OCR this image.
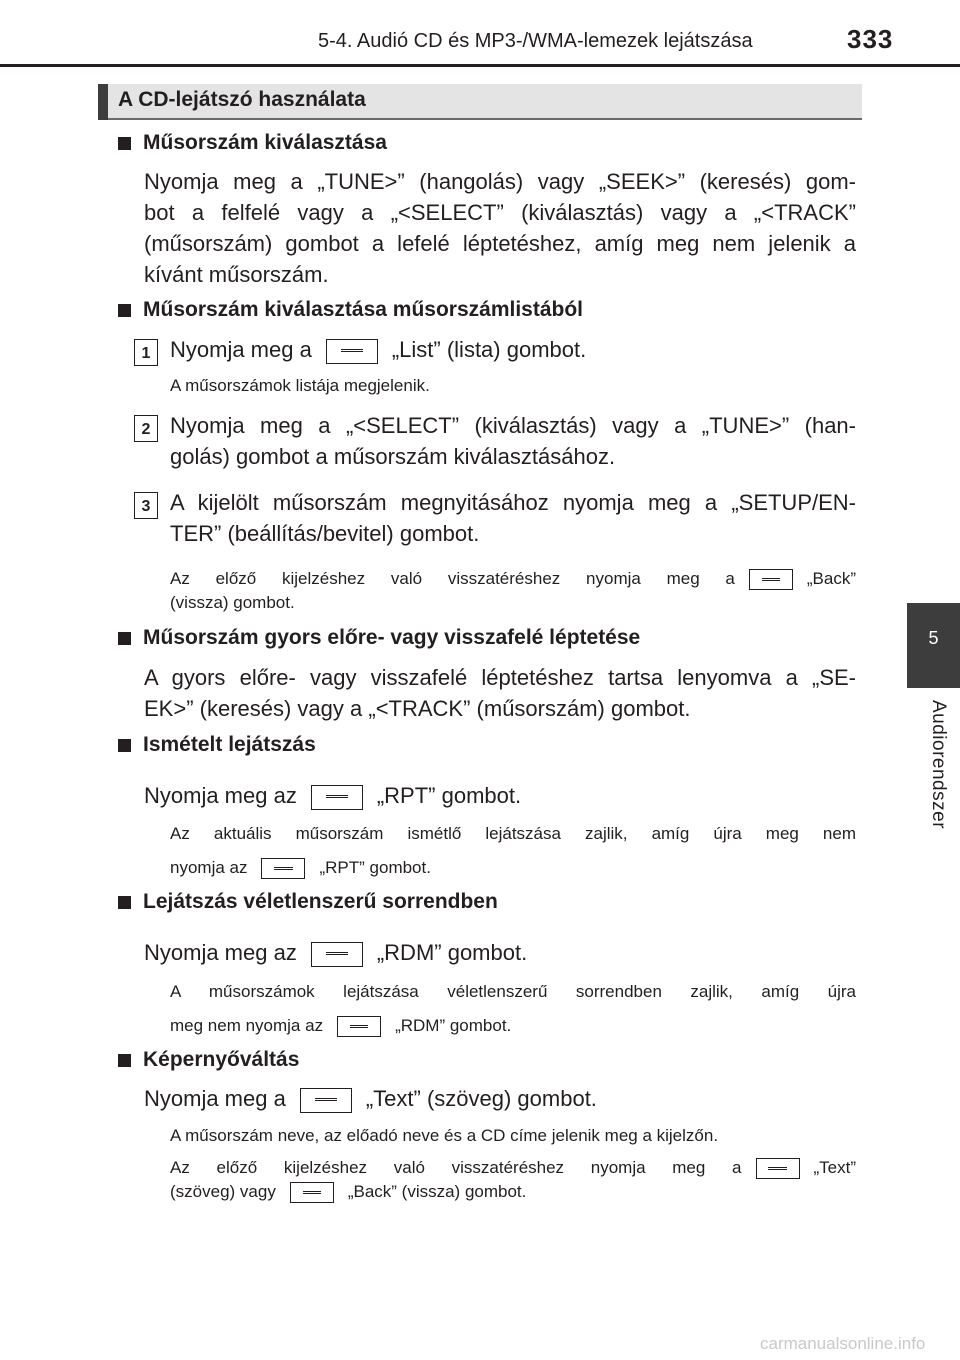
5-4. Audió CD és MP3-/WMA-lemezek lejátszása	333
5
Audiorendszer
A CD-lejátszó használata
Műsorszám kiválasztása
Nyomja meg a „TUNE>” (hangolás) vagy „SEEK>” (keresés) gom-
bot a felfelé vagy a „<SELECT” (kiválasztás) vagy a „<TRACK”
(műsorszám) gombot a lefelé léptetéshez, amíg meg nem jelenik a
kívánt műsorszám.
Műsorszám kiválasztása műsorszámlistából
1 Nyomja meg a	„List” (lista) gombot.
A műsorszámok listája megjelenik.
2 Nyomja meg a „<SELECT” (kiválasztás) vagy a „TUNE>” (han-
golás) gombot a műsorszám kiválasztásához.
3 A kijelölt műsorszám megnyitásához nyomja meg a „SETUP/EN-
TER” (beállítás/bevitel) gombot.
Az előző kijelzéshez való visszatéréshez nyomja meg a	„Back”
(vissza) gombot.
Műsorszám gyors előre- vagy visszafelé léptetése
A gyors előre- vagy visszafelé léptetéshez tartsa lenyomva a „SE-
EK>” (keresés) vagy a „<TRACK” (műsorszám) gombot.
Ismételt lejátszás
Nyomja meg az	„RPT” gombot.
Az aktuális műsorszám ismétlő lejátszása zajlik, amíg újra meg nem
nyomja az	„RPT” gombot.
Lejátszás véletlenszerű sorrendben
Nyomja meg az	„RDM” gombot.
A műsorszámok lejátszása véletlenszerű sorrendben zajlik, amíg újra
meg nem nyomja az	„RDM” gombot.
Képernyőváltás
Nyomja meg a	„Text” (szöveg) gombot.
A műsorszám neve, az előadó neve és a CD címe jelenik meg a kijelzőn.
Az előző kijelzéshez való visszatéréshez nyomja meg a	„Text”
(szöveg) vagy	„Back” (vissza) gombot.
carmanualsonline.info
